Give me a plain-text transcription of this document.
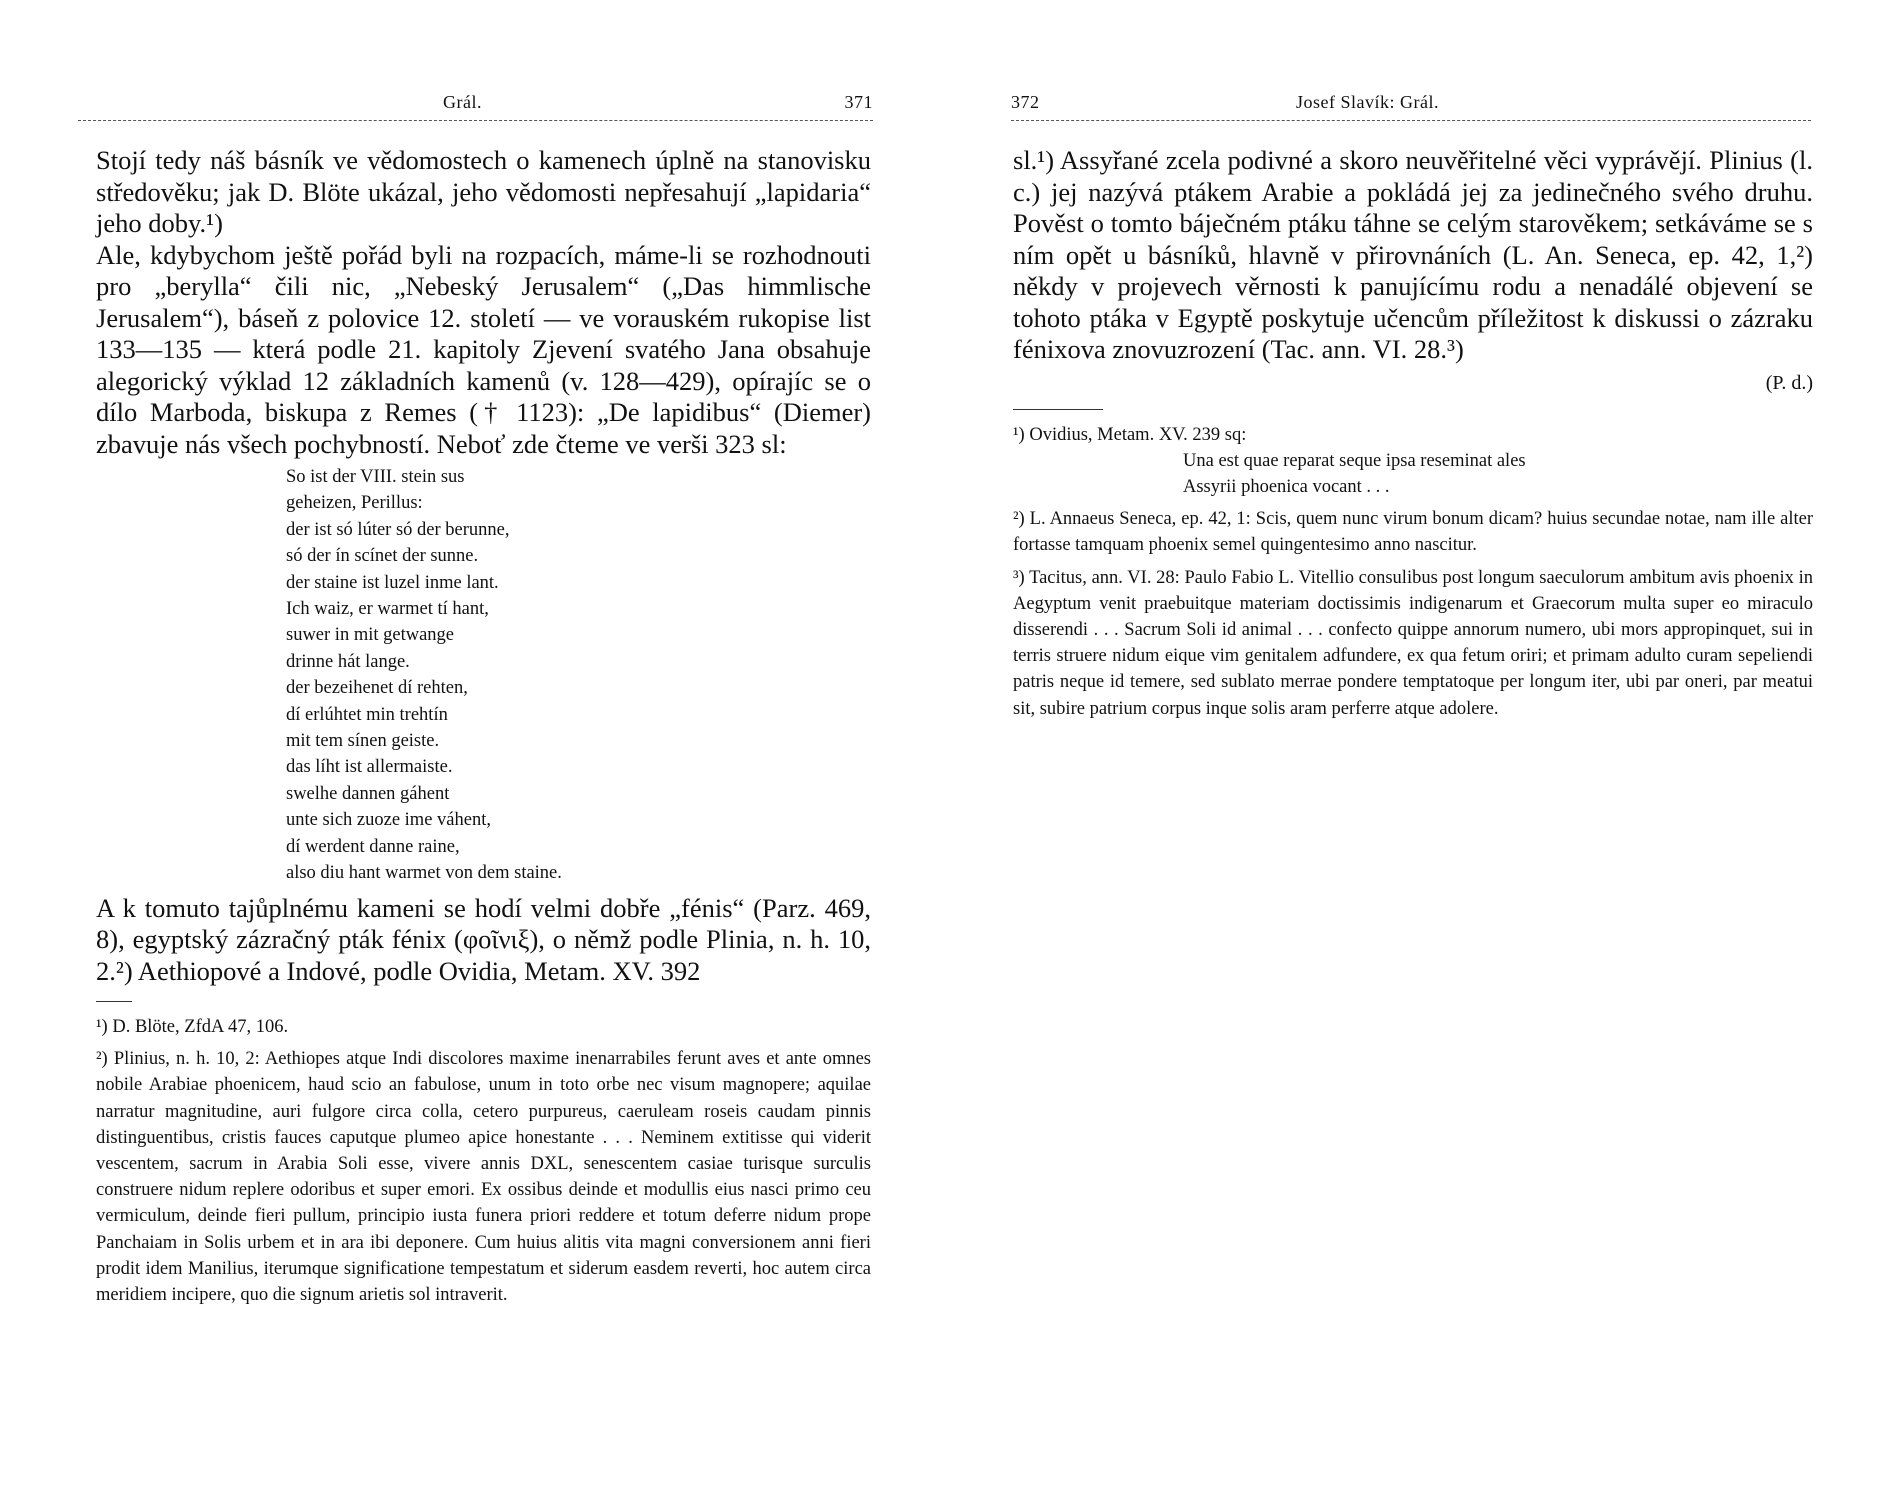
Grál.	371

Stojí tedy náš básník ve vědomostech o kamenech úplně na stanovisku středověku; jak D. Blöte ukázal, jeho vědomosti nepřesahují „lapidaria“ jeho doby.¹)

Ale, kdybychom ještě pořád byli na rozpacích, máme-li se rozhodnouti pro „berylla“ čili nic, „Nebeský Jerusalem“ („Das himmlische Jerusalem“), báseň z polovice 12. století — ve vorauském rukopise list 133—135 — která podle 21. kapitoly Zjevení svatého Jana obsahuje alegorický výklad 12 základních kamenů (v. 128—429), opírajíc se o dílo Marboda, biskupa z Remes († 1123): „De lapidibus“ (Diemer) zbavuje nás všech pochybností. Neboť zde čteme ve verši 323 sl:

So ist der VIII. stein sus
geheizen, Perillus:
der ist só lúter só der berunne,
só der ín scínet der sunne.
der staine ist luzel inme lant.
Ich waiz, er warmet tí hant,
suwer in mit getwange
drinne hát lange.
der bezeihenet dí rehten,
dí erlúhtet min trehtín
mit tem sínen geiste.
das líht ist allermaiste.
swelhe dannen gáhent
unte sich zuoze ime váhent,
dí werdent danne raine,
also diu hant warmet von dem staine.

A k tomuto tajůplnému kameni se hodí velmi dobře „fénis“ (Parz. 469, 8), egyptský zázračný pták fénix (φοῖνιξ), o němž podle Plinia, n. h. 10, 2.²) Aethiopové a Indové, podle Ovidia, Metam. XV. 392

¹) D. Blöte, ZfdA 47, 106.

²) Plinius, n. h. 10, 2: Aethiopes atque Indi discolores maxime inenarrabiles ferunt aves et ante omnes nobile Arabiae phoenicem, haud scio an fabulose, unum in toto orbe nec visum magnopere; aquilae narratur magnitudine, auri fulgore circa colla, cetero purpureus, caeruleam roseis caudam pinnis distinguentibus, cristis fauces caputque plumeo apice honestante . . . Neminem extitisse qui viderit vescentem, sacrum in Arabia Soli esse, vivere annis DXL, senescentem casiae turisque surculis construere nidum replere odoribus et super emori. Ex ossibus deinde et modullis eius nasci primo ceu vermiculum, deinde fieri pullum, principio iusta funera priori reddere et totum deferre nidum prope Panchaiam in Solis urbem et in ara ibi deponere. Cum huius alitis vita magni conversionem anni fieri prodit idem Manilius, iterumque significatione tempestatum et siderum easdem reverti, hoc autem circa meridiem incipere, quo die signum arietis sol intraverit.

372	Josef Slavík: Grál.

sl.¹) Assyřané zcela podivné a skoro neuvěřitelné věci vyprávějí. Plinius (l. c.) jej nazývá ptákem Arabie a pokládá jej za jedinečného svého druhu. Pověst o tomto báječném ptáku táhne se celým starověkem; setkáváme se s ním opět u básníků, hlavně v přirovnáních (L. An. Seneca, ep. 42, 1,²) někdy v projevech věrnosti k panujícímu rodu a nenadálé objevení se tohoto ptáka v Egyptě poskytuje učencům příležitost k diskussi o zázraku fénixova znovuzrození (Tac. ann. VI. 28.³)

(P. d.)

¹) Ovidius, Metam. XV. 239 sq:
Una est quae reparat seque ipsa reseminat ales
Assyrii phoenica vocant . . .

²) L. Annaeus Seneca, ep. 42, 1: Scis, quem nunc virum bonum dicam? huius secundae notae, nam ille alter fortasse tamquam phoenix semel quingentesimo anno nascitur.

³) Tacitus, ann. VI. 28: Paulo Fabio L. Vitellio consulibus post longum saeculorum ambitum avis phoenix in Aegyptum venit praebuitque materiam doctissimis indigenarum et Graecorum multa super eo miraculo disserendi . . . Sacrum Soli id animal . . . confecto quippe annorum numero, ubi mors appropinquet, sui in terris struere nidum eique vim genitalem adfundere, ex qua fetum oriri; et primam adulto curam sepeliendi patris neque id temere, sed sublato merrae pondere temptatoque per longum iter, ubi par oneri, par meatui sit, subire patrium corpus inque solis aram perferre atque adolere.
